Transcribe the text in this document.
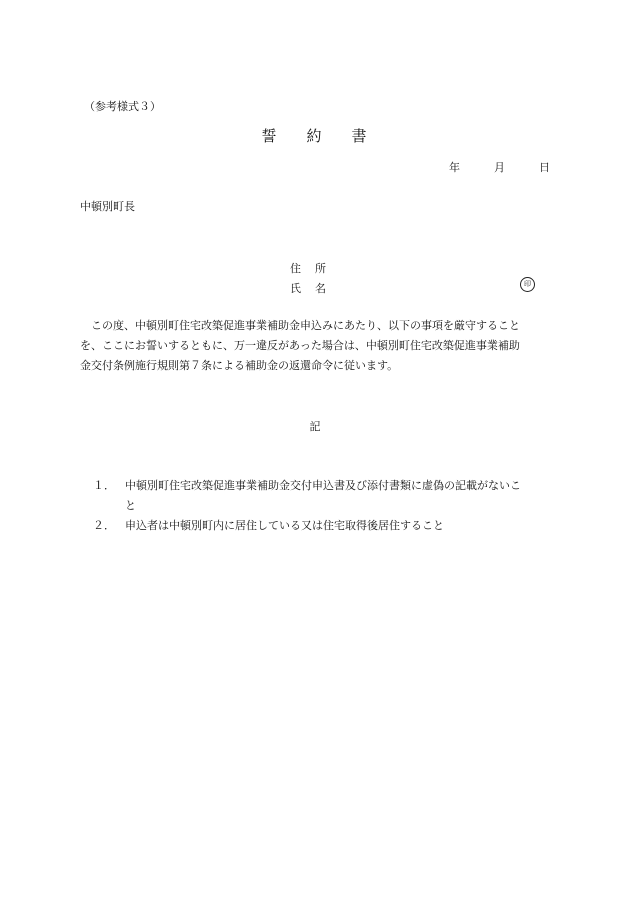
（参考様式３）
誓 約 書
年	月	日
中頓別町長
住 所
氏 名	印
　この度、中頓別町住宅改築促進事業補助金申込みにあたり、以下の事項を厳守すること
を、ここにお誓いするともに、万一違反があった場合は、中頓別町住宅改築促進事業補助
金交付条例施行規則第７条による補助金の返還命令に従います。
記
１． 中頓別町住宅改築促進事業補助金交付申込書及び添付書類に虚偽の記載がないこ
と
２． 申込者は中頓別町内に居住している又は住宅取得後居住すること
